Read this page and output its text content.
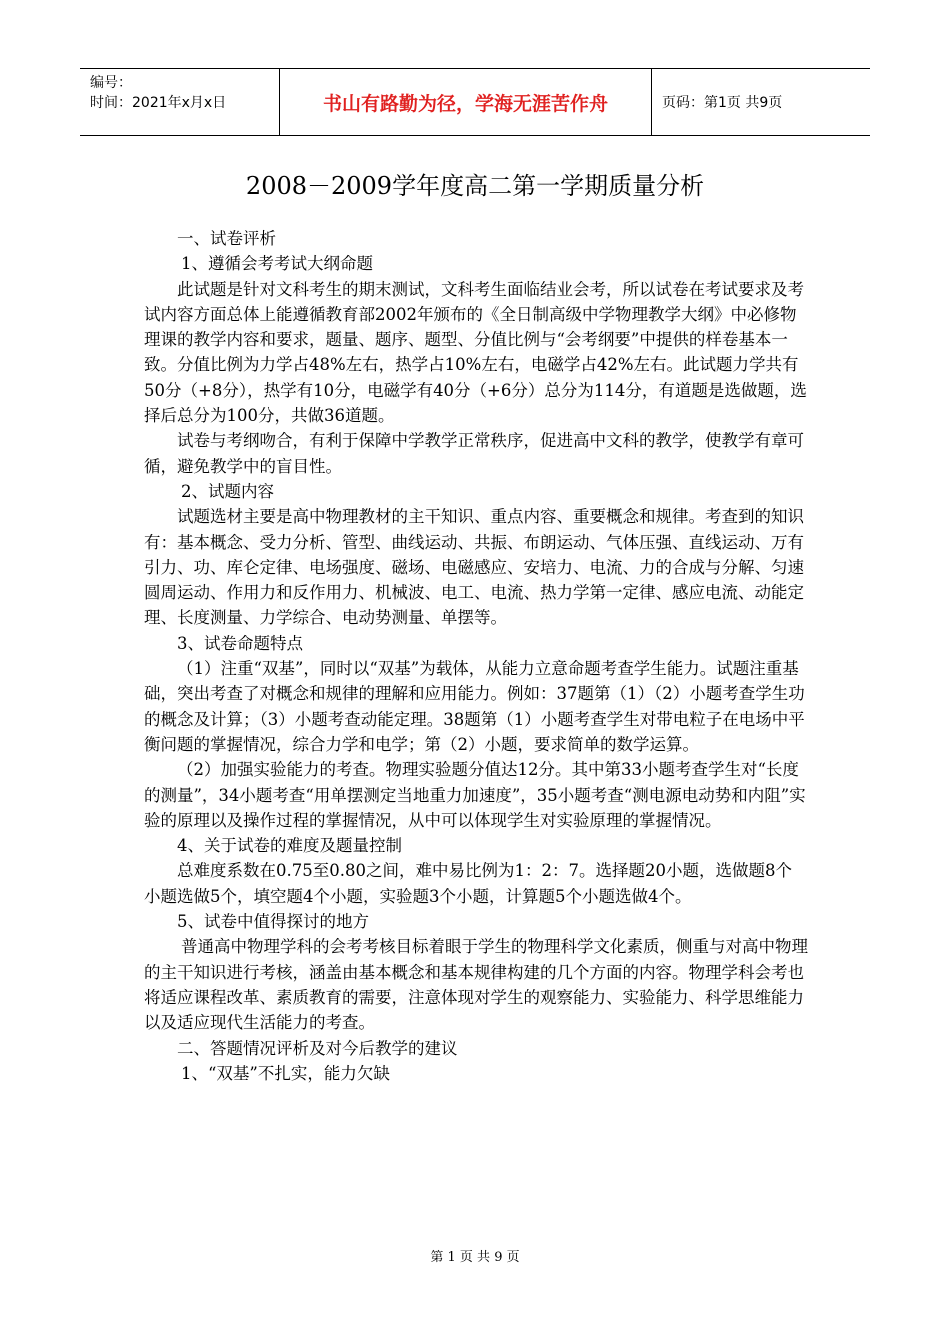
编号：
时间：2021年x月x日	书山有路勤为径，学海无涯苦作舟	页码：第1页 共9页
2008－2009学年度高二第一学期质量分析

一、试卷评析

1、遵循会考考试大纲命题

此试题是针对文科考生的期末测试，文科考生面临结业会考，所以试卷在考试要求及考试内容方面总体上能遵循教育部2002年颁布的《全日制高级中学物理教学大纲》中必修物理课的教学内容和要求，题量、题序、题型、分值比例与“会考纲要”中提供的样卷基本一致。分值比例为力学占48%左右，热学占10%左右，电磁学占42%左右。此试题力学共有50分（+8分），热学有10分，电磁学有40分（+6分）总分为114分，有道题是选做题，选择后总分为100分，共做36道题。

试卷与考纲吻合，有利于保障中学教学正常秩序，促进高中文科的教学，使教学有章可循，避免教学中的盲目性。

2、试题内容

试题选材主要是高中物理教材的主干知识、重点内容、重要概念和规律。考查到的知识有：基本概念、受力分析、管型、曲线运动、共振、布朗运动、气体压强、直线运动、万有引力、功、库仑定律、电场强度、磁场、电磁感应、安培力、电流、力的合成与分解、匀速圆周运动、作用力和反作用力、机械波、电工、电流、热力学第一定律、感应电流、动能定理、长度测量、力学综合、电动势测量、单摆等。

3、试卷命题特点

（1）注重“双基”，同时以“双基”为载体，从能力立意命题考查学生能力。试题注重基础，突出考查了对概念和规律的理解和应用能力。例如：37题第（1）（2）小题考查学生功的概念及计算；（3）小题考查动能定理。38题第（1）小题考查学生对带电粒子在电场中平衡问题的掌握情况，综合力学和电学；第（2）小题，要求简单的数学运算。

（2）加强实验能力的考查。物理实验题分值达12分。其中第33小题考查学生对“长度的测量”，34小题考查“用单摆测定当地重力加速度”，35小题考查“测电源电动势和内阻”实验的原理以及操作过程的掌握情况，从中可以体现学生对实验原理的掌握情况。

4、关于试卷的难度及题量控制

总难度系数在0.75至0.80之间，难中易比例为1：2：7。选择题20小题，选做题8个小题选做5个，填空题4个小题，实验题3个小题，计算题5个小题选做4个。

5、试卷中值得探讨的地方

普通高中物理学科的会考考核目标着眼于学生的物理科学文化素质，侧重与对高中物理的主干知识进行考核，涵盖由基本概念和基本规律构建的几个方面的内容。物理学科会考也将适应课程改革、素质教育的需要，注意体现对学生的观察能力、实验能力、科学思维能力以及适应现代生活能力的考查。

二、答题情况评析及对今后教学的建议

1、“双基”不扎实，能力欠缺

第 1 页 共 9 页
